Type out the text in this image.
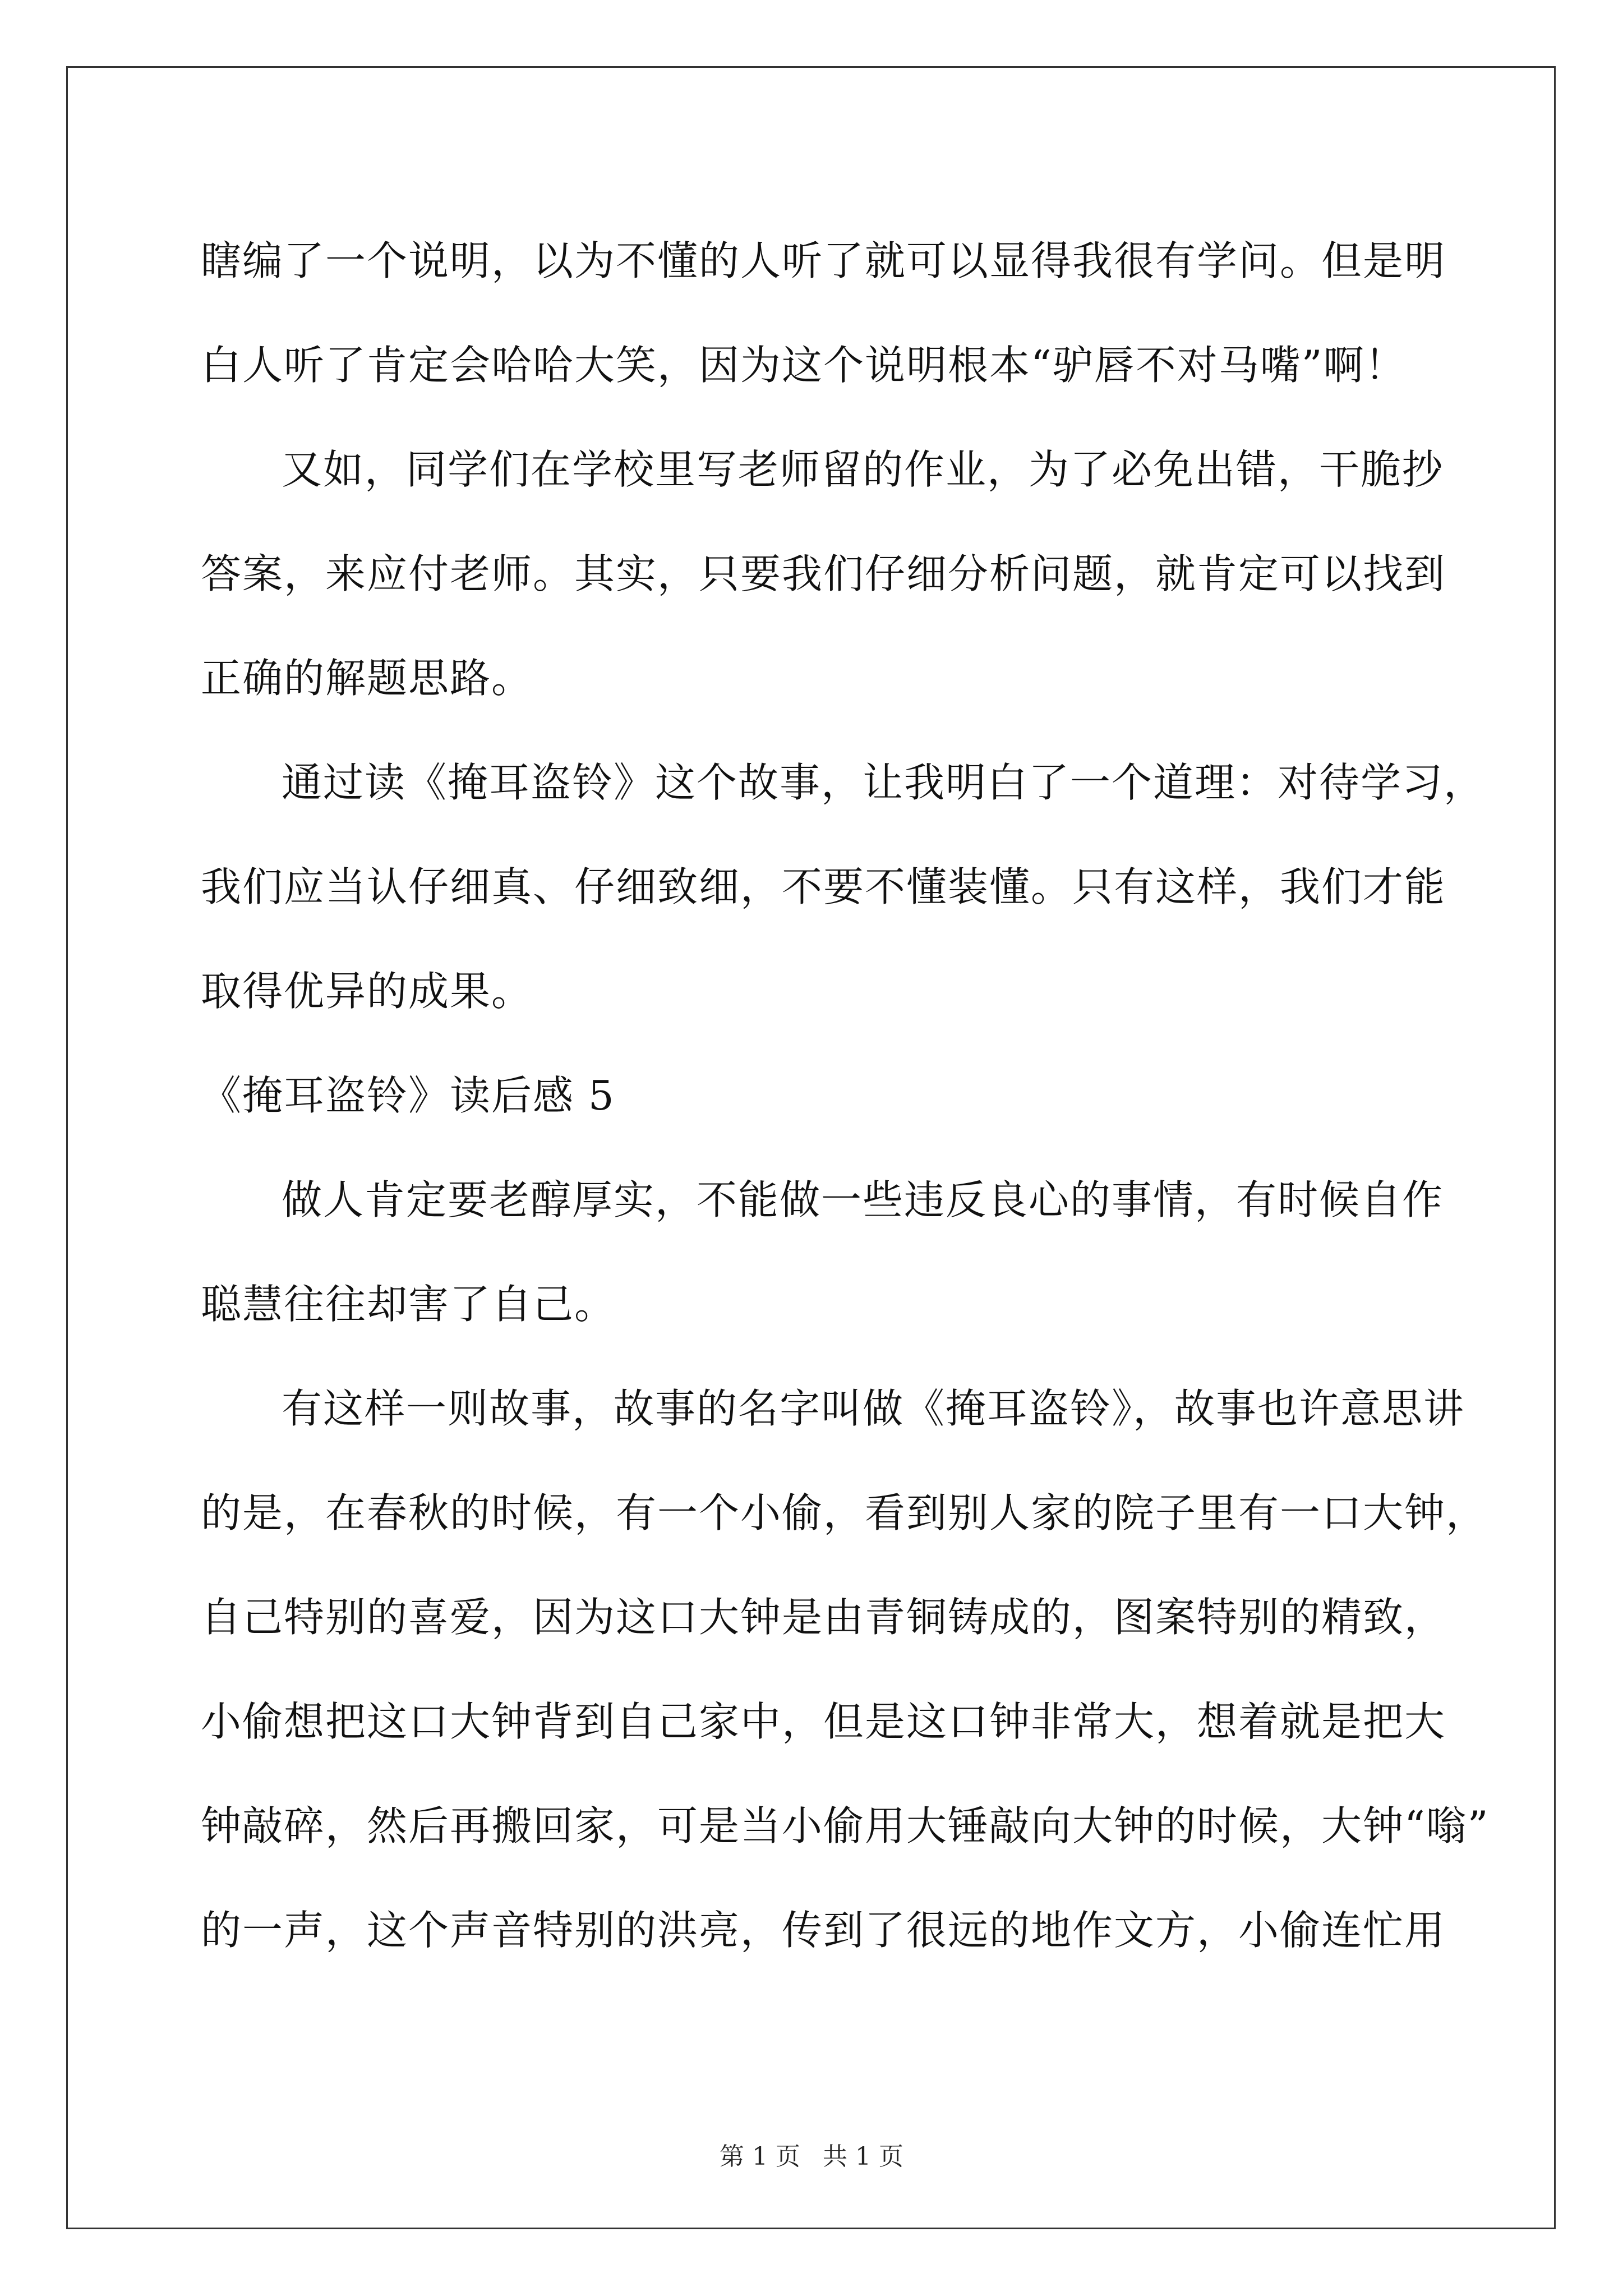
瞎编了一个说明，以为不懂的人听了就可以显得我很有学问。但是明
白人听了肯定会哈哈大笑，因为这个说明根本“驴唇不对马嘴”啊！
又如，同学们在学校里写老师留的作业，为了必免出错，干脆抄
答案，来应付老师。其实，只要我们仔细分析问题，就肯定可以找到
正确的解题思路。
通过读《掩耳盗铃》这个故事，让我明白了一个道理：对待学习，
我们应当认仔细真、仔细致细，不要不懂装懂。只有这样，我们才能
取得优异的成果。
《掩耳盗铃》读后感 5
做人肯定要老醇厚实，不能做一些违反良心的事情，有时候自作
聪慧往往却害了自己。
有这样一则故事，故事的名字叫做《掩耳盗铃》，故事也许意思讲
的是，在春秋的时候，有一个小偷，看到别人家的院子里有一口大钟，
自己特别的喜爱，因为这口大钟是由青铜铸成的，图案特别的精致，
小偷想把这口大钟背到自己家中，但是这口钟非常大，想着就是把大
钟敲碎，然后再搬回家，可是当小偷用大锤敲向大钟的时候，大钟“嗡”
的一声，这个声音特别的洪亮，传到了很远的地作文方，小偷连忙用
第 1 页 共 1 页
